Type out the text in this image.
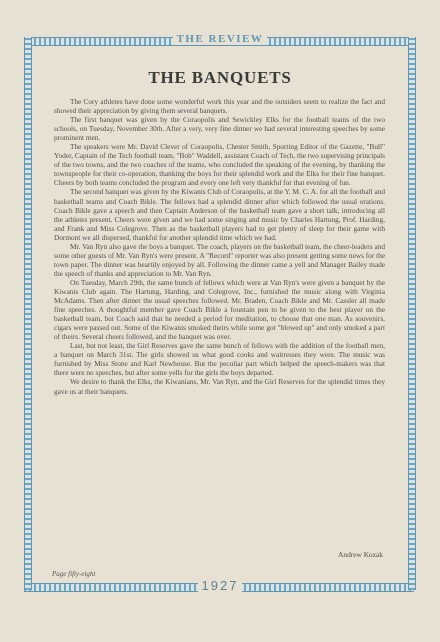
THE REVIEW
THE BANQUETS

The Cory athletes have done some wonderful work this year and the outsiders seem to realize the fact and showed their appreciation by giving them several banquets.

The first banquet was given by the Coraopolis and Sewickley Elks for the football teams of the two schools, on Tuesday, November 30th. After a very, very fine dinner we had several interesting speeches by some prominent men.

The speakers were Mr. David Clever of Coraopolis, Chester Smith, Sporting Editor of the Gazette, "Bull" Yoder, Captain of the Tech football team, "Bob" Waddell, assistant Coach of Tech, the two supervising principals of the two towns, and the two coaches of the teams, who concluded the speaking of the evening, by thanking the townspeople for their co-operation, thanking the boys for their splendid work and the Elks for their fine banquet. Cheers by both teams concluded the program and every one left very thankful for that evening of fun.

The second banquet was given by the Kiwanis Club of Coraopolis, at the Y. M. C. A. for all the football and basketball teams and Coach Bikle. The fellows had a splendid dinner after which followed the usual orations. Coach Bikle gave a speech and then Captain Anderson of the basketball team gave a short talk, introducing all the athletes present. Cheers were given and we had some singing and music by Charles Hartung, Prof. Harding, and Frank and Miss Colegrove. Then as the basketball players had to get plenty of sleep for their game with Dormont we all dispersed, thankful for another splendid time which we had.

Mr. Van Ryn also gave the boys a banquet. The coach, players on the basketball team, the cheer-leaders and some other guests of Mr. Van Ryn's were present. A "Record" reporter was also present getting some news for the town paper. The dinner was heartily enjoyed by all. Following the dinner came a yell and Manager Bailey made the speech of thanks and appreciation to Mr. Van Ryn.

On Tuesday, March 29th, the same bunch of fellows which were at Van Ryn's were given a banquet by the Kiwanis Club again. The Hartung, Harding, and Colegrove, Inc., furnished the music along with Virginia McAdams. Then after dinner the usual speeches followed. Mr. Braden, Coach Bikle and Mr. Cassler all made fine speeches. A thoughtful member gave Coach Bikle a fountain pen to be given to the best player on the basketball team, but Coach said that he needed a period for meditation, to choose that one man. As souvenirs, cigars were passed out. Some of the Kiwanis smoked theirs while some got "blowed up" and only smoked a part of theirs. Several cheers followed, and the banquet was over.

Last, but not least, the Girl Reserves gave the same bunch of fellows with the addition of the football men, a banquet on March 31st. The girls showed us what good cooks and waitresses they were. The music was furnished by Miss Stone and Karl Newhouse. But the peculiar part which helped the speech-makers was that there were no speeches, but after some yells for the girls the boys departed.

We desire to thank the Elks, the Kiwanians, Mr. Van Ryn, and the Girl Reserves for the splendid times they gave us at their banquets.

Andrew Kozak
Page fifty-eight
1927
